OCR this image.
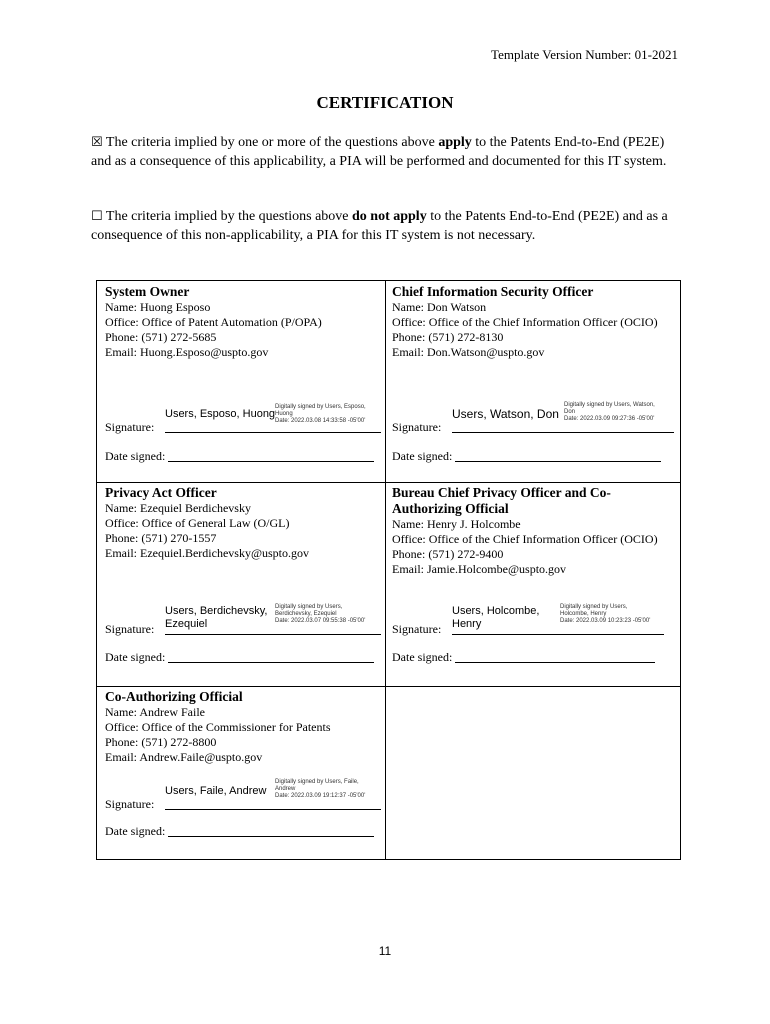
Template Version Number: 01-2021
CERTIFICATION
☒ The criteria implied by one or more of the questions above apply to the Patents End-to-End (PE2E) and as a consequence of this applicability, a PIA will be performed and documented for this IT system.
☐ The criteria implied by the questions above do not apply to the Patents End-to-End (PE2E) and as a consequence of this non-applicability, a PIA for this IT system is not necessary.
System Owner
Name: Huong Esposo
Office: Office of Patent Automation (P/OPA)
Phone: (571) 272-5685
Email: Huong.Esposo@uspto.gov
Signature:
Users, Esposo, Huong
Digitally signed by Users, Esposo,
Huong
Date: 2022.03.08 14:33:58 -05'00'
Date signed:
Chief Information Security Officer
Name: Don Watson
Office: Office of the Chief Information Officer (OCIO)
Phone: (571) 272-8130
Email: Don.Watson@uspto.gov
Signature:
Users, Watson, Don
Digitally signed by Users, Watson,
Don
Date: 2022.03.09 09:27:36 -05'00'
Date signed:
Privacy Act Officer
Name: Ezequiel Berdichevsky
Office: Office of General Law (O/GL)
Phone: (571) 270-1557
Email: Ezequiel.Berdichevsky@uspto.gov
Signature:
Users, Berdichevsky,
Ezequiel
Digitally signed by Users,
Berdichevsky, Ezequiel
Date: 2022.03.07 09:55:38 -05'00'
Date signed:
Bureau Chief Privacy Officer and Co-
Authorizing Official
Name: Henry J. Holcombe
Office: Office of the Chief Information Officer (OCIO)
Phone: (571) 272-9400
Email: Jamie.Holcombe@uspto.gov
Signature:
Users, Holcombe,
Henry
Digitally signed by Users,
Holcombe, Henry
Date: 2022.03.09 10:23:23 -05'00'
Date signed:
Co-Authorizing Official
Name: Andrew Faile
Office: Office of the Commissioner for Patents
Phone: (571) 272-8800
Email: Andrew.Faile@uspto.gov
Signature:
Users, Faile, Andrew
Digitally signed by Users, Faile,
Andrew
Date: 2022.03.09 19:12:37 -05'00'
Date signed:
11
